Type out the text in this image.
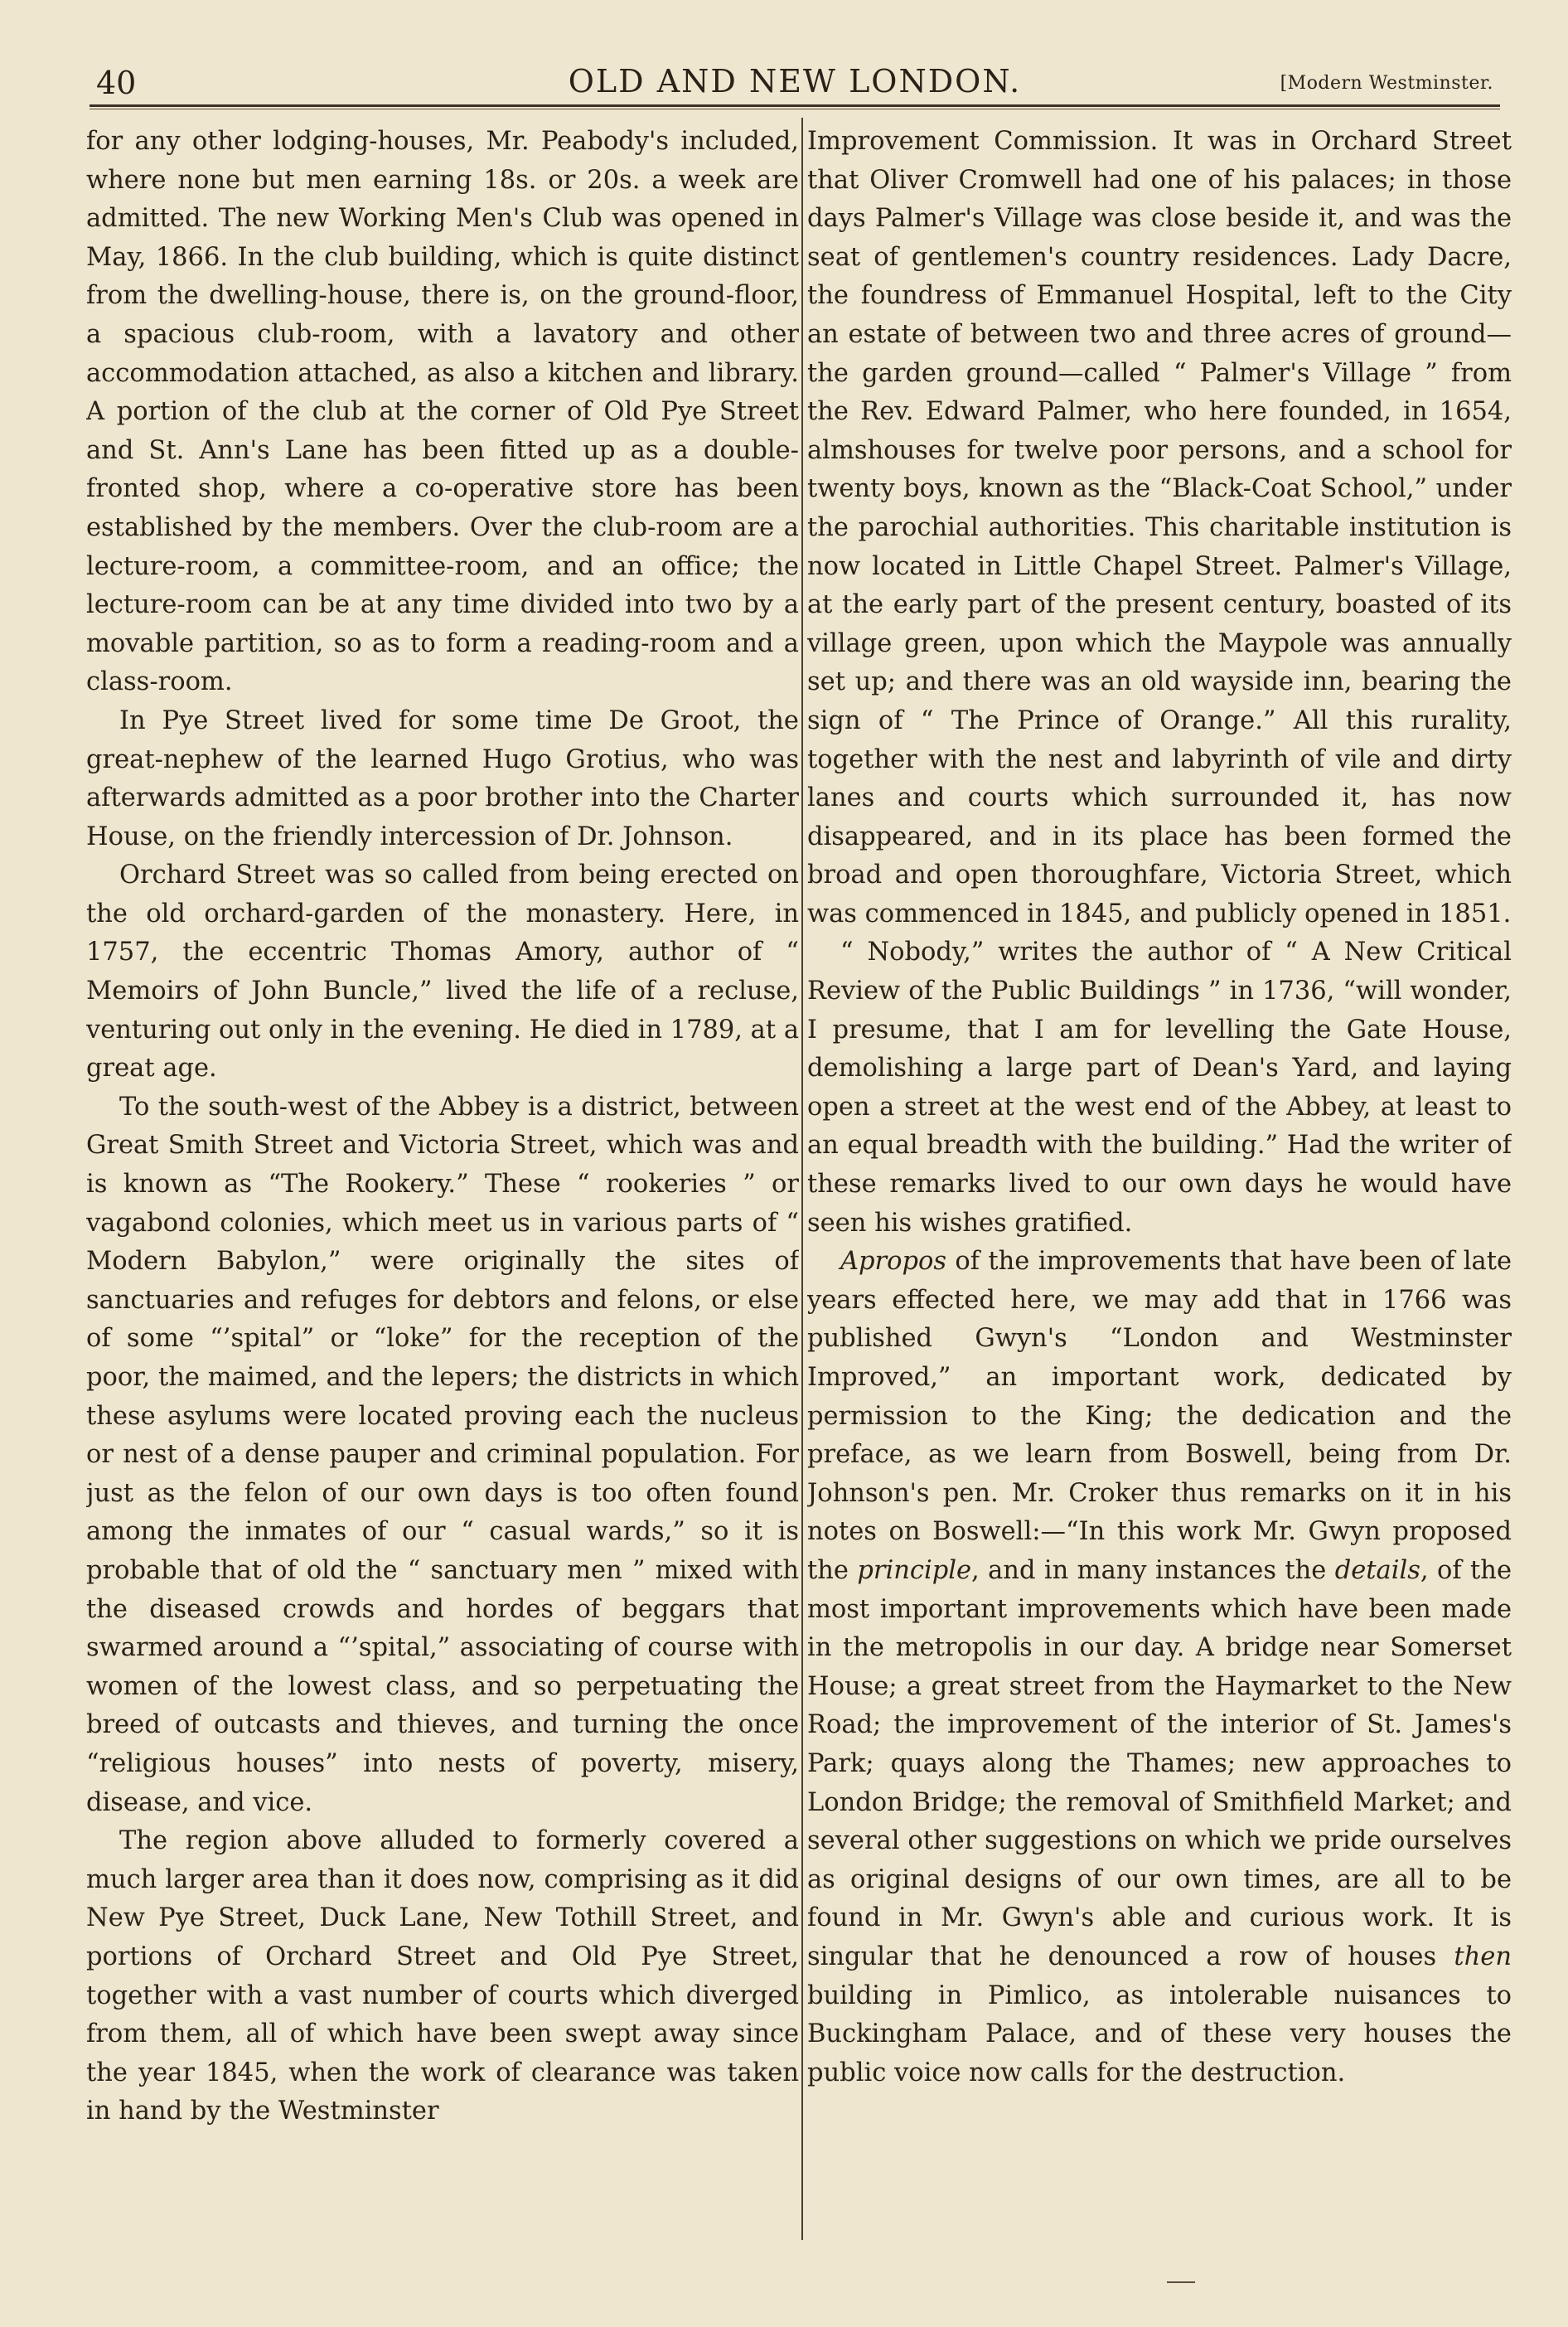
40	OLD AND NEW LONDON.	[Modern Westminster.

for any other lodging-houses, Mr. Peabody's included, where none but men earning 18s. or 20s. a week are admitted. The new Working Men's Club was opened in May, 1866. In the club building, which is quite distinct from the dwelling-house, there is, on the ground-floor, a spacious club-room, with a lavatory and other accommodation attached, as also a kitchen and library. A portion of the club at the corner of Old Pye Street and St. Ann's Lane has been fitted up as a double-fronted shop, where a co-operative store has been established by the members. Over the club-room are a lecture-room, a committee-room, and an office; the lecture-room can be at any time divided into two by a movable partition, so as to form a reading-room and a class-room.

In Pye Street lived for some time De Groot, the great-nephew of the learned Hugo Grotius, who was afterwards admitted as a poor brother into the Charter House, on the friendly intercession of Dr. Johnson.

Orchard Street was so called from being erected on the old orchard-garden of the monastery. Here, in 1757, the eccentric Thomas Amory, author of “ Memoirs of John Buncle,” lived the life of a recluse, venturing out only in the evening. He died in 1789, at a great age.

To the south-west of the Abbey is a district, between Great Smith Street and Victoria Street, which was and is known as “The Rookery.” These “ rookeries ” or vagabond colonies, which meet us in various parts of “ Modern Babylon,” were originally the sites of sanctuaries and refuges for debtors and felons, or else of some “’spital” or “loke” for the reception of the poor, the maimed, and the lepers; the districts in which these asylums were located proving each the nucleus or nest of a dense pauper and criminal population. For just as the felon of our own days is too often found among the inmates of our “ casual wards,” so it is probable that of old the “ sanctuary men ” mixed with the diseased crowds and hordes of beggars that swarmed around a “’spital,” associating of course with women of the lowest class, and so perpetuating the breed of outcasts and thieves, and turning the once “religious houses” into nests of poverty, misery, disease, and vice.

The region above alluded to formerly covered a much larger area than it does now, comprising as it did New Pye Street, Duck Lane, New Tothill Street, and portions of Orchard Street and Old Pye Street, together with a vast number of courts which diverged from them, all of which have been swept away since the year 1845, when the work of clearance was taken in hand by the Westminster

Improvement Commission. It was in Orchard Street that Oliver Cromwell had one of his palaces; in those days Palmer's Village was close beside it, and was the seat of gentlemen's country residences. Lady Dacre, the foundress of Emmanuel Hospital, left to the City an estate of between two and three acres of ground—the garden ground—called “ Palmer's Village ” from the Rev. Edward Palmer, who here founded, in 1654, almshouses for twelve poor persons, and a school for twenty boys, known as the “Black-Coat School,” under the parochial authorities. This charitable institution is now located in Little Chapel Street. Palmer's Village, at the early part of the present century, boasted of its village green, upon which the Maypole was annually set up; and there was an old wayside inn, bearing the sign of “ The Prince of Orange.” All this rurality, together with the nest and labyrinth of vile and dirty lanes and courts which surrounded it, has now disappeared, and in its place has been formed the broad and open thoroughfare, Victoria Street, which was commenced in 1845, and publicly opened in 1851.

“ Nobody,” writes the author of “ A New Critical Review of the Public Buildings ” in 1736, “will wonder, I presume, that I am for levelling the Gate House, demolishing a large part of Dean's Yard, and laying open a street at the west end of the Abbey, at least to an equal breadth with the building.” Had the writer of these remarks lived to our own days he would have seen his wishes gratified.

Apropos of the improvements that have been of late years effected here, we may add that in 1766 was published Gwyn's “London and Westminster Improved,” an important work, dedicated by permission to the King; the dedication and the preface, as we learn from Boswell, being from Dr. Johnson's pen. Mr. Croker thus remarks on it in his notes on Boswell:—“In this work Mr. Gwyn proposed the principle, and in many instances the details, of the most important improvements which have been made in the metropolis in our day. A bridge near Somerset House; a great street from the Haymarket to the New Road; the improvement of the interior of St. James's Park; quays along the Thames; new approaches to London Bridge; the removal of Smithfield Market; and several other suggestions on which we pride ourselves as original designs of our own times, are all to be found in Mr. Gwyn's able and curious work. It is singular that he denounced a row of houses then building in Pimlico, as intolerable nuisances to Buckingham Palace, and of these very houses the public voice now calls for the destruction.
